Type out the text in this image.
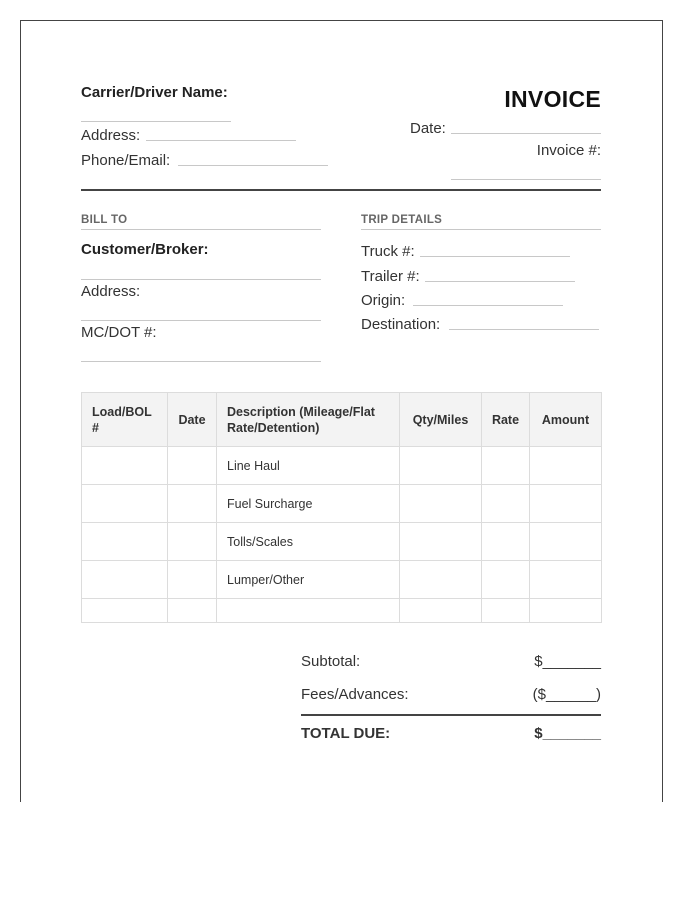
Carrier/Driver Name:
Address:
Phone/Email:
INVOICE
Date:
Invoice #:
BILL TO
Customer/Broker:
Address:
MC/DOT #:
TRIP DETAILS
Truck #:
Trailer #:
Origin:
Destination:
Load/BOL #	Date	Description (Mileage/Flat Rate/Detention)	Qty/Miles	Rate	Amount
		Line Haul			
		Fuel Surcharge			
		Tolls/Scales			
		Lumper/Other			

Subtotal:	$_______
Fees/Advances:	($______)
TOTAL DUE:	$_______
